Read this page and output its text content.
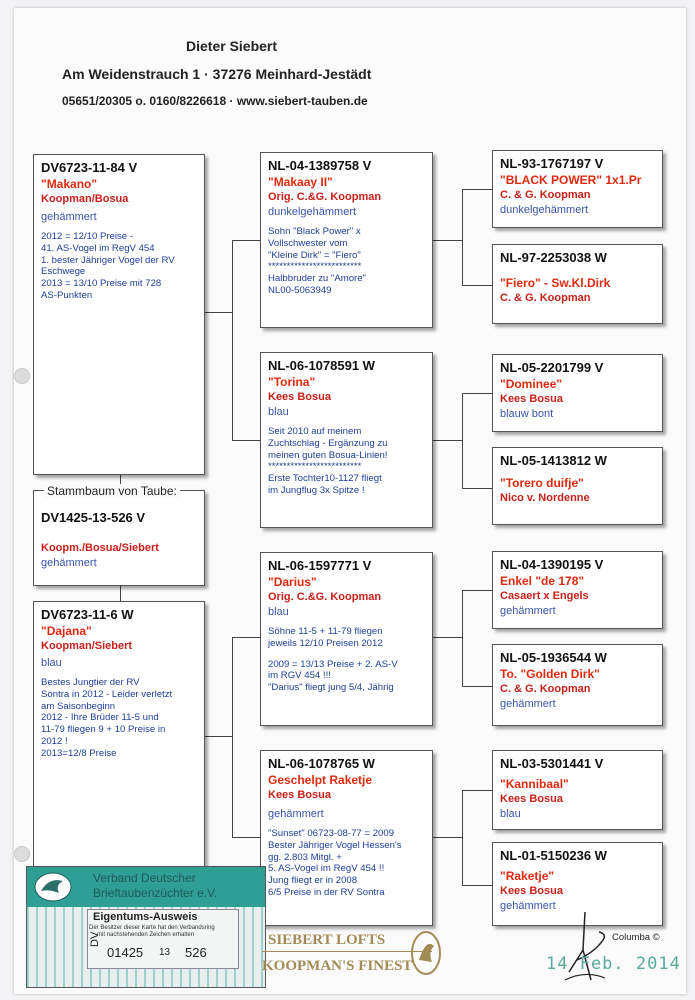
Dieter Siebert
Am Weidenstrauch 1 · 37276 Meinhard-Jestädt
05651/20305 o. 0160/8226618 · www.siebert-tauben.de
DV6723-11-84 V
"Makano"
Koopman/Bosua
gehämmert
2012 = 12/10 Preise -
41. AS-Vogel im RegV 454
1. bester Jähriger Vogel der RV
Eschwege
2013 = 13/10 Preise mit 728
AS-Punkten
DV1425-13-526 V
Koopm./Bosua/Siebert
gehämmert
Stammbaum von Taube:
DV6723-11-6 W
"Dajana"
Koopman/Siebert
blau
Bestes Jungtier der RV
Sontra in 2012 - Leider verletzt
am Saisonbeginn
2012 - Ihre Brüder 11-5 und
11-79 fliegen 9 + 10 Preise in
2012 !
2013=12/8 Preise
NL-04-1389758 V
"Makaay II"
Orig. C.&G. Koopman
dunkelgehämmert
Sohn "Black Power" x
Vollschwester vom
"Kleine Dirk" = "Fiero"
*************************
Halbbruder zu "Amore"
NL00-5063949
NL-06-1078591 W
"Torina"
Kees Bosua
blau
Seit 2010 auf meinem
Zuchtschlag - Ergänzung zu
meinen guten Bosua-Linien!
*************************
Erste Tochter10-1127 fliegt
im Jungflug 3x Spitze !
NL-06-1597771 V
"Darius"
Orig. C.&G. Koopman
blau
Söhne 11-5 + 11-79 fliegen
jeweils 12/10 Preisen 2012
2009 = 13/13 Preise + 2. AS-V
im RGV 454 !!!
"Darius" fliegt jung 5/4, Jährig
NL-06-1078765 W
Geschelpt Raketje
Kees Bosua
gehämmert
"Sunset" 06723-08-77 = 2009
Bester Jähriger Vogel Hessen's
gg. 2.803 Mitgl. +
5. AS-Vogel im RegV 454 !!
Jung fliegt er in 2008
6/5 Preise in der RV Sontra
NL-93-1767197 V
"BLACK POWER" 1x1.Pr
C. & G. Koopman
dunkelgehämmert
NL-97-2253038 W
"Fiero" - Sw.Kl.Dirk
C. & G. Koopman
NL-05-2201799 V
"Dominee"
Kees Bosua
blauw bont
NL-05-1413812 W
"Torero duifje"
Nico v. Nordenne
NL-04-1390195 V
Enkel "de 178"
Casaert x Engels
gehämmert
NL-05-1936544 W
To. "Golden Dirk"
C. & G. Koopman
gehämmert
NL-03-5301441 V
"Kannibaal"
Kees Bosua
blau
NL-01-5150236 W
"Raketje"
Kees Bosua
gehämmert
Verband Deutscher
Brieftaubenzüchter e.V.
Eigentums-Ausweis
Der Besitzer dieser Karte hat den Verbandsring
mit nachstehenden Zeichen erhalten
DV
01425 13 526
SIEBERT LOFTS
KOOPMAN'S FINEST
Columba ©
14 Feb. 2014
